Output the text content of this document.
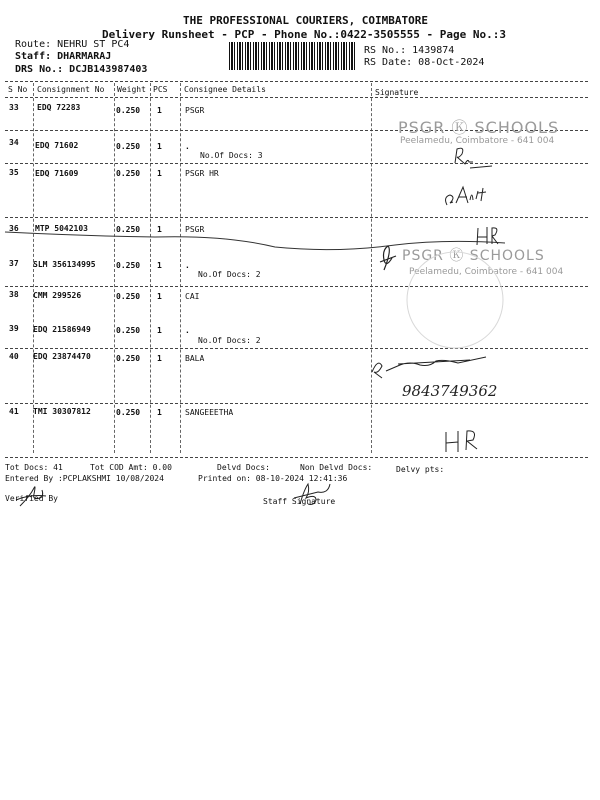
THE PROFESSIONAL COURIERS, COIMBATORE
Delivery Runsheet - PCP - Phone No.:0422-3505555 - Page No.:3
Route: NEHRU ST PC4
Staff: DHARMARAJ
DRS No.: DCJB143987403
RS No.: 1439874
RS Date: 08-Oct-2024
S No Consignment No Weight PCS Consignee Details	Signature
33 EDQ 72283	0.250 1	PSGR
34 EDQ 71602	0.250 1	.
No.Of Docs: 3
35 EDQ 71609	0.250 1	PSGR HR
36 MTP 5042103	0.250 1	PSGR
37 SLM 356134995	0.250 1	.
No.Of Docs: 2
38 CMM 299526	0.250 1	CAI
39 EDQ 21586949	0.250 1	.
No.Of Docs: 2
40 EDQ 23874470	0.250 1	BALA
41 TMI 30307812	0.250 1	SANGEEETHA
PSGR Ⓚ SCHOOLS
Peelamedu, Coimbatore - 641 004
PSGR Ⓚ SCHOOLS
Peelamedu, Coimbatore - 641 004
9843749362
Tot Docs: 41	Tot COD Amt: 0.00	Delvd Docs:	Non Delvd Docs:	Delvy pts:
Entered By :PCPLAKSHMI 10/08/2024	Printed on: 08-10-2024 12:41:36
Verified By	Staff Signature
